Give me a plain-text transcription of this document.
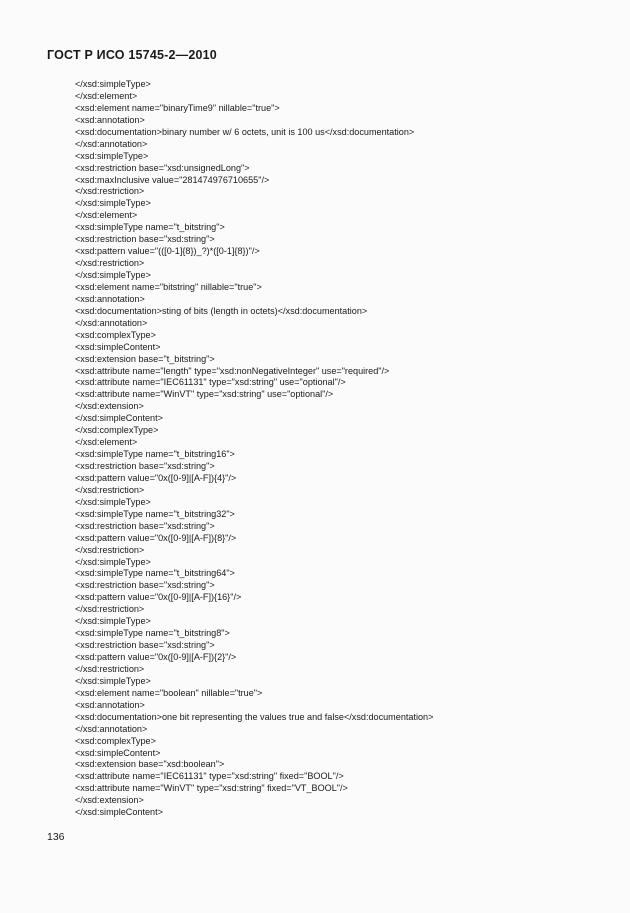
ГОСТ Р ИСО 15745-2—2010
</xsd:simpleType>
</xsd:element>
<xsd:element name="binaryTime9" nillable="true">
<xsd:annotation>
<xsd:documentation>binary number w/ 6 octets, unit is 100 us</xsd:documentation>
</xsd:annotation>
<xsd:simpleType>
<xsd:restriction base="xsd:unsignedLong">
<xsd:maxInclusive value="281474976710655"/>
</xsd:restriction>
</xsd:simpleType>
</xsd:element>
<xsd:simpleType name="t_bitstring">
<xsd:restriction base="xsd:string">
<xsd:pattern value="(([0-1]{8})_?)*([0-1]{8})"/>
</xsd:restriction>
</xsd:simpleType>
<xsd:element name="bitstring" nillable="true">
<xsd:annotation>
<xsd:documentation>sting of bits (length in octets)</xsd:documentation>
</xsd:annotation>
<xsd:complexType>
<xsd:simpleContent>
<xsd:extension base="t_bitstring">
<xsd:attribute name="length" type="xsd:nonNegativeInteger" use="required"/>
<xsd:attribute name="IEC61131" type="xsd:string" use="optional"/>
<xsd:attribute name="WinVT" type="xsd:string" use="optional"/>
</xsd:extension>
</xsd:simpleContent>
</xsd:complexType>
</xsd:element>
<xsd:simpleType name="t_bitstring16">
<xsd:restriction base="xsd:string">
<xsd:pattern value="0x([0-9]|[A-F]){4}"/>
</xsd:restriction>
</xsd:simpleType>
<xsd:simpleType name="t_bitstring32">
<xsd:restriction base="xsd:string">
<xsd:pattern value="0x([0-9]|[A-F]){8}"/>
</xsd:restriction>
</xsd:simpleType>
<xsd:simpleType name="t_bitstring64">
<xsd:restriction base="xsd:string">
<xsd:pattern value="0x([0-9]|[A-F]){16}"/>
</xsd:restriction>
</xsd:simpleType>
<xsd:simpleType name="t_bitstring8">
<xsd:restriction base="xsd:string">
<xsd:pattern value="0x([0-9]|[A-F]){2}"/>
</xsd:restriction>
</xsd:simpleType>
<xsd:element name="boolean" nillable="true">
<xsd:annotation>
<xsd:documentation>one bit representing the values true and false</xsd:documentation>
</xsd:annotation>
<xsd:complexType>
<xsd:simpleContent>
<xsd:extension base="xsd:boolean">
<xsd:attribute name="IEC61131" type="xsd:string" fixed="BOOL"/>
<xsd:attribute name="WinVT" type="xsd:string" fixed="VT_BOOL"/>
</xsd:extension>
</xsd:simpleContent>
136
